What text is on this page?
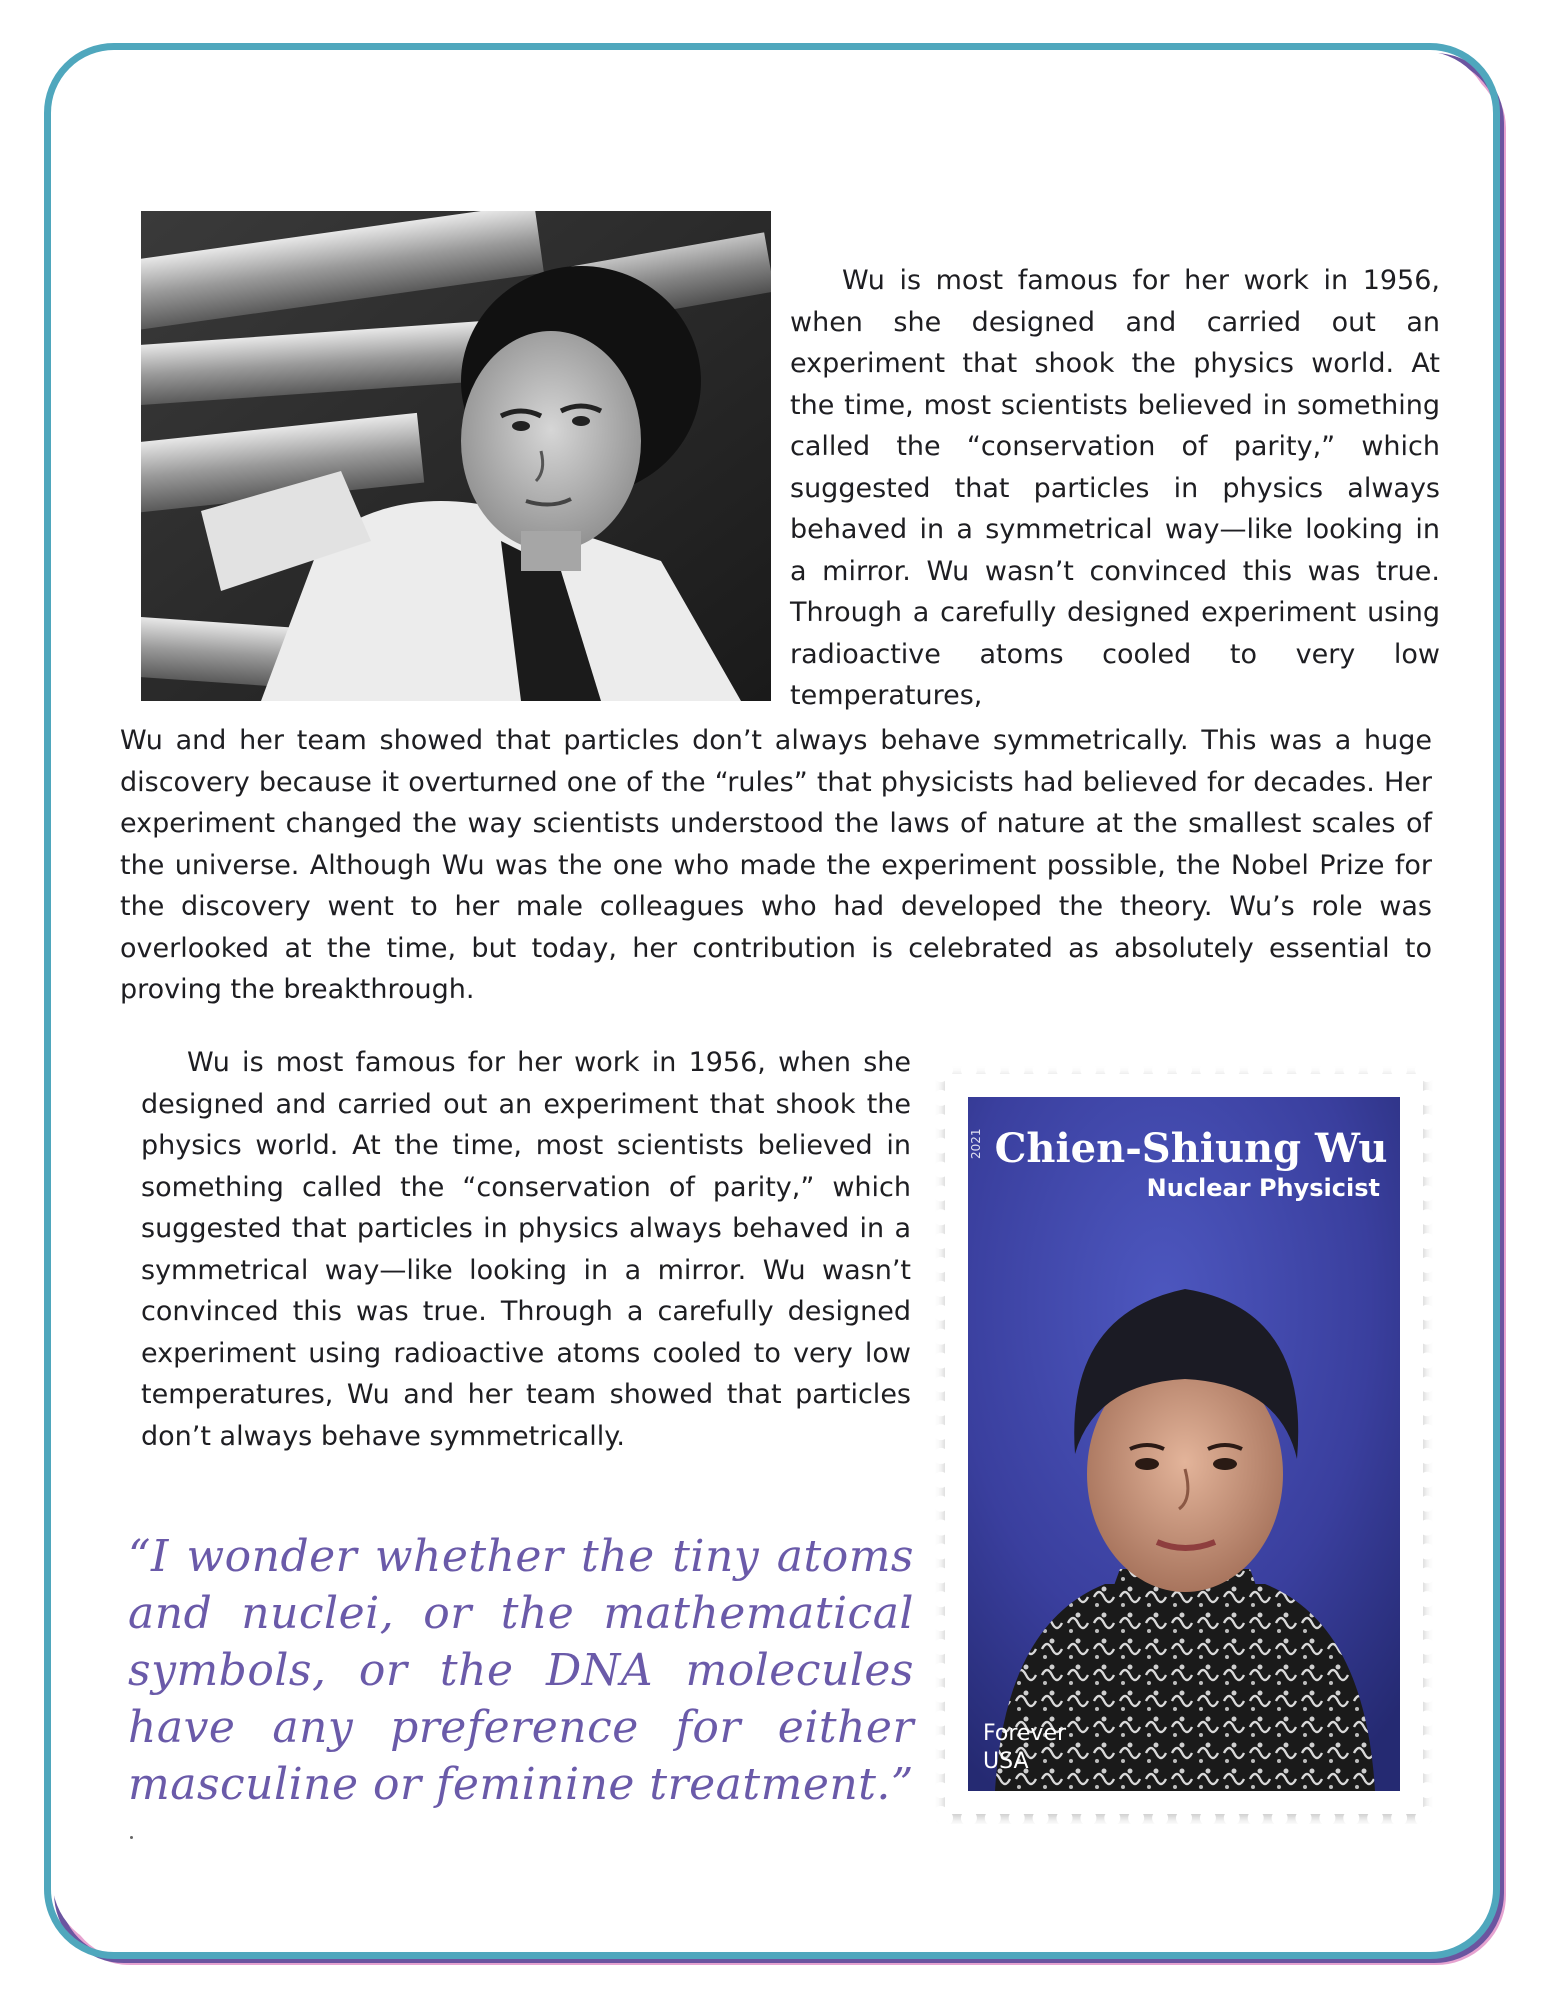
Wu is most famous for her work in 1956, when she designed and carried out an experiment that shook the physics world. At the time, most scientists believed in something called the “conservation of parity,” which suggested that particles in physics always behaved in a symmetrical way—like looking in a mirror. Wu wasn’t convinced this was true. Through a carefully designed experiment using radioactive atoms cooled to very low temperatures,

Wu and her team showed that particles don’t always behave symmetrically. This was a huge discovery because it overturned one of the “rules” that physicists had believed for decades. Her experiment changed the way scientists understood the laws of nature at the smallest scales of the universe. Although Wu was the one who made the experiment possible, the Nobel Prize for the discovery went to her male colleagues who had developed the theory. Wu’s role was overlooked at the time, but today, her contribution is celebrated as absolutely essential to proving the breakthrough.

Wu is most famous for her work in 1956, when she designed and carried out an experiment that shook the physics world. At the time, most scientists believed in something called the “conservation of parity,” which suggested that particles in physics always behaved in a symmetrical way—like looking in a mirror. Wu wasn’t convinced this was true. Through a carefully designed experiment using radioactive atoms cooled to very low temperatures, Wu and her team showed that particles don’t always behave symmetrically.

“I wonder whether the tiny atoms and nuclei, or the mathematical symbols, or the DNA molecules have any preference for either masculine or feminine treatment.”
2021 Chien-Shiung Wu
Nuclear Physicist
Forever
USA
